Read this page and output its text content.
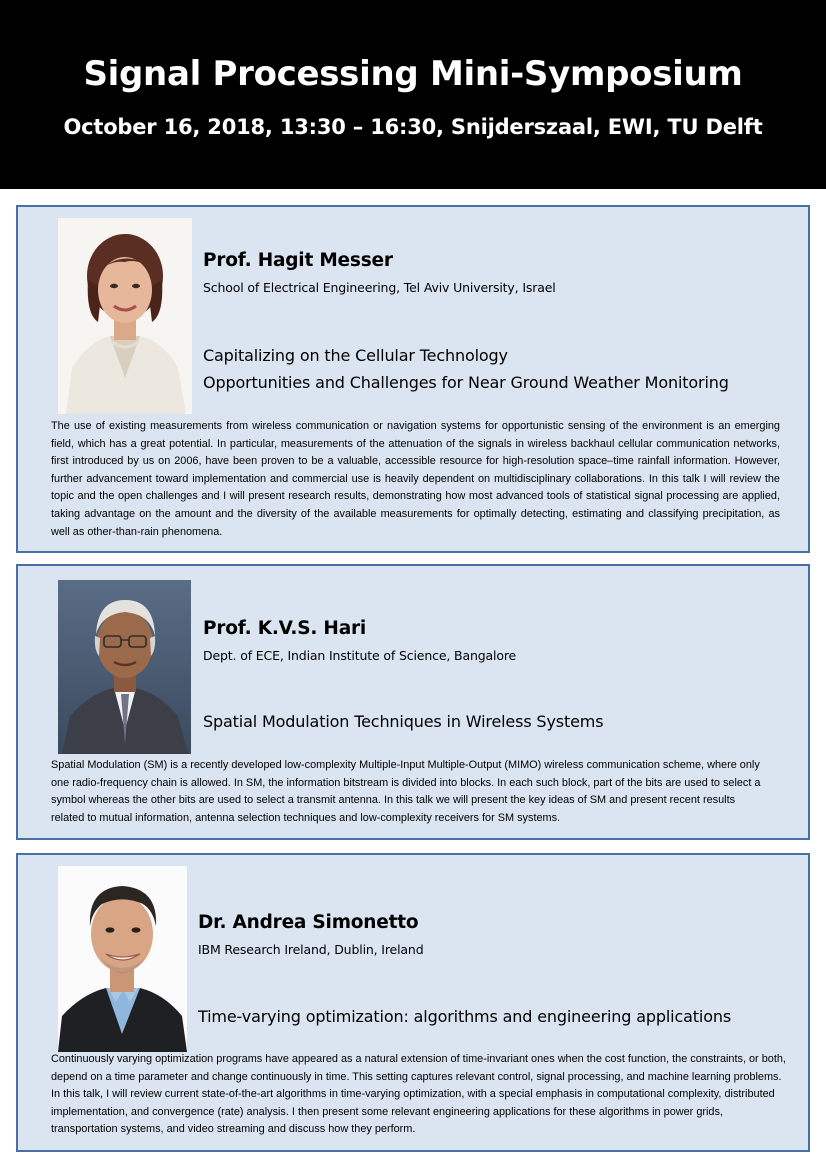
Signal Processing Mini-Symposium
October 16, 2018, 13:30 – 16:30, Snijderszaal, EWI, TU Delft
Prof. Hagit Messer
School of Electrical Engineering, Tel Aviv University, Israel
Capitalizing on the Cellular Technology
Opportunities and Challenges for Near Ground Weather Monitoring
The use of existing measurements from wireless communication or navigation systems for opportunistic sensing of the environment is an emerging field, which has a great potential. In particular, measurements of the attenuation of the signals in wireless backhaul cellular communication networks, first introduced by us on 2006, have been proven to be a valuable, accessible resource for high-resolution space–time rainfall information. However, further advancement toward implementation and commercial use is heavily dependent on multidisciplinary collaborations. In this talk I will review the topic and the open challenges and I will present research results, demonstrating how most advanced tools of statistical signal processing are applied, taking advantage on the amount and the diversity of the available measurements for optimally detecting, estimating and classifying precipitation, as well as other-than-rain phenomena.
Prof. K.V.S. Hari
Dept. of ECE, Indian Institute of Science, Bangalore
Spatial Modulation Techniques in Wireless Systems
Spatial Modulation (SM) is a recently developed low-complexity Multiple-Input Multiple-Output (MIMO) wireless communication scheme, where only one radio-frequency chain is allowed. In SM, the information bitstream is divided into blocks. In each such block, part of the bits are used to select a symbol whereas the other bits are used to select a transmit antenna. In this talk we will present the key ideas of SM and present recent results related to mutual information, antenna selection techniques and low-complexity receivers for SM systems.
Dr. Andrea Simonetto
IBM Research Ireland, Dublin, Ireland
Time-varying optimization: algorithms and engineering applications
Continuously varying optimization programs have appeared as a natural extension of time-invariant ones when the cost function, the constraints, or both, depend on a time parameter and change continuously in time. This setting captures relevant control, signal processing, and machine learning problems. In this talk, I will review current state-of-the-art algorithms in time-varying optimization, with a special emphasis in computational complexity, distributed implementation, and convergence (rate) analysis. I then present some relevant engineering applications for these algorithms in power grids, transportation systems, and video streaming and discuss how they perform.
